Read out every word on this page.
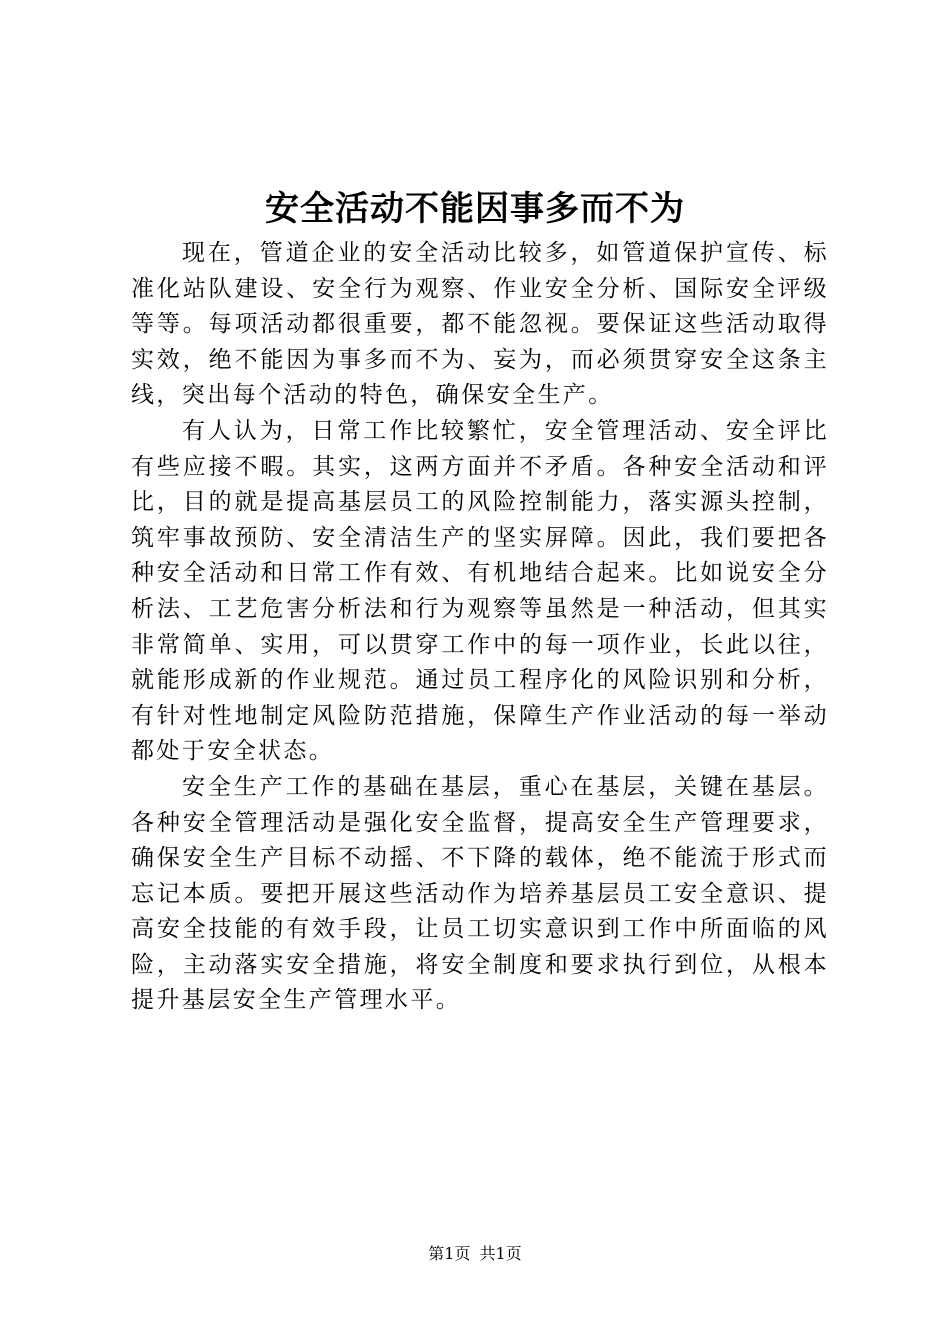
安全活动不能因事多而不为

现在，管道企业的安全活动比较多，如管道保护宣传、标准化站队建设、安全行为观察、作业安全分析、国际安全评级等等。每项活动都很重要，都不能忽视。要保证这些活动取得实效，绝不能因为事多而不为、妄为，而必须贯穿安全这条主线，突出每个活动的特色，确保安全生产。

有人认为，日常工作比较繁忙，安全管理活动、安全评比有些应接不暇。其实，这两方面并不矛盾。各种安全活动和评比，目的就是提高基层员工的风险控制能力，落实源头控制，筑牢事故预防、安全清洁生产的坚实屏障。因此，我们要把各种安全活动和日常工作有效、有机地结合起来。比如说安全分析法、工艺危害分析法和行为观察等虽然是一种活动，但其实非常简单、实用，可以贯穿工作中的每一项作业，长此以往，就能形成新的作业规范。通过员工程序化的风险识别和分析，有针对性地制定风险防范措施，保障生产作业活动的每一举动都处于安全状态。

安全生产工作的基础在基层，重心在基层，关键在基层。各种安全管理活动是强化安全监督，提高安全生产管理要求，确保安全生产目标不动摇、不下降的载体，绝不能流于形式而忘记本质。要把开展这些活动作为培养基层员工安全意识、提高安全技能的有效手段，让员工切实意识到工作中所面临的风险，主动落实安全措施，将安全制度和要求执行到位，从根本提升基层安全生产管理水平。

第1页 共1页
